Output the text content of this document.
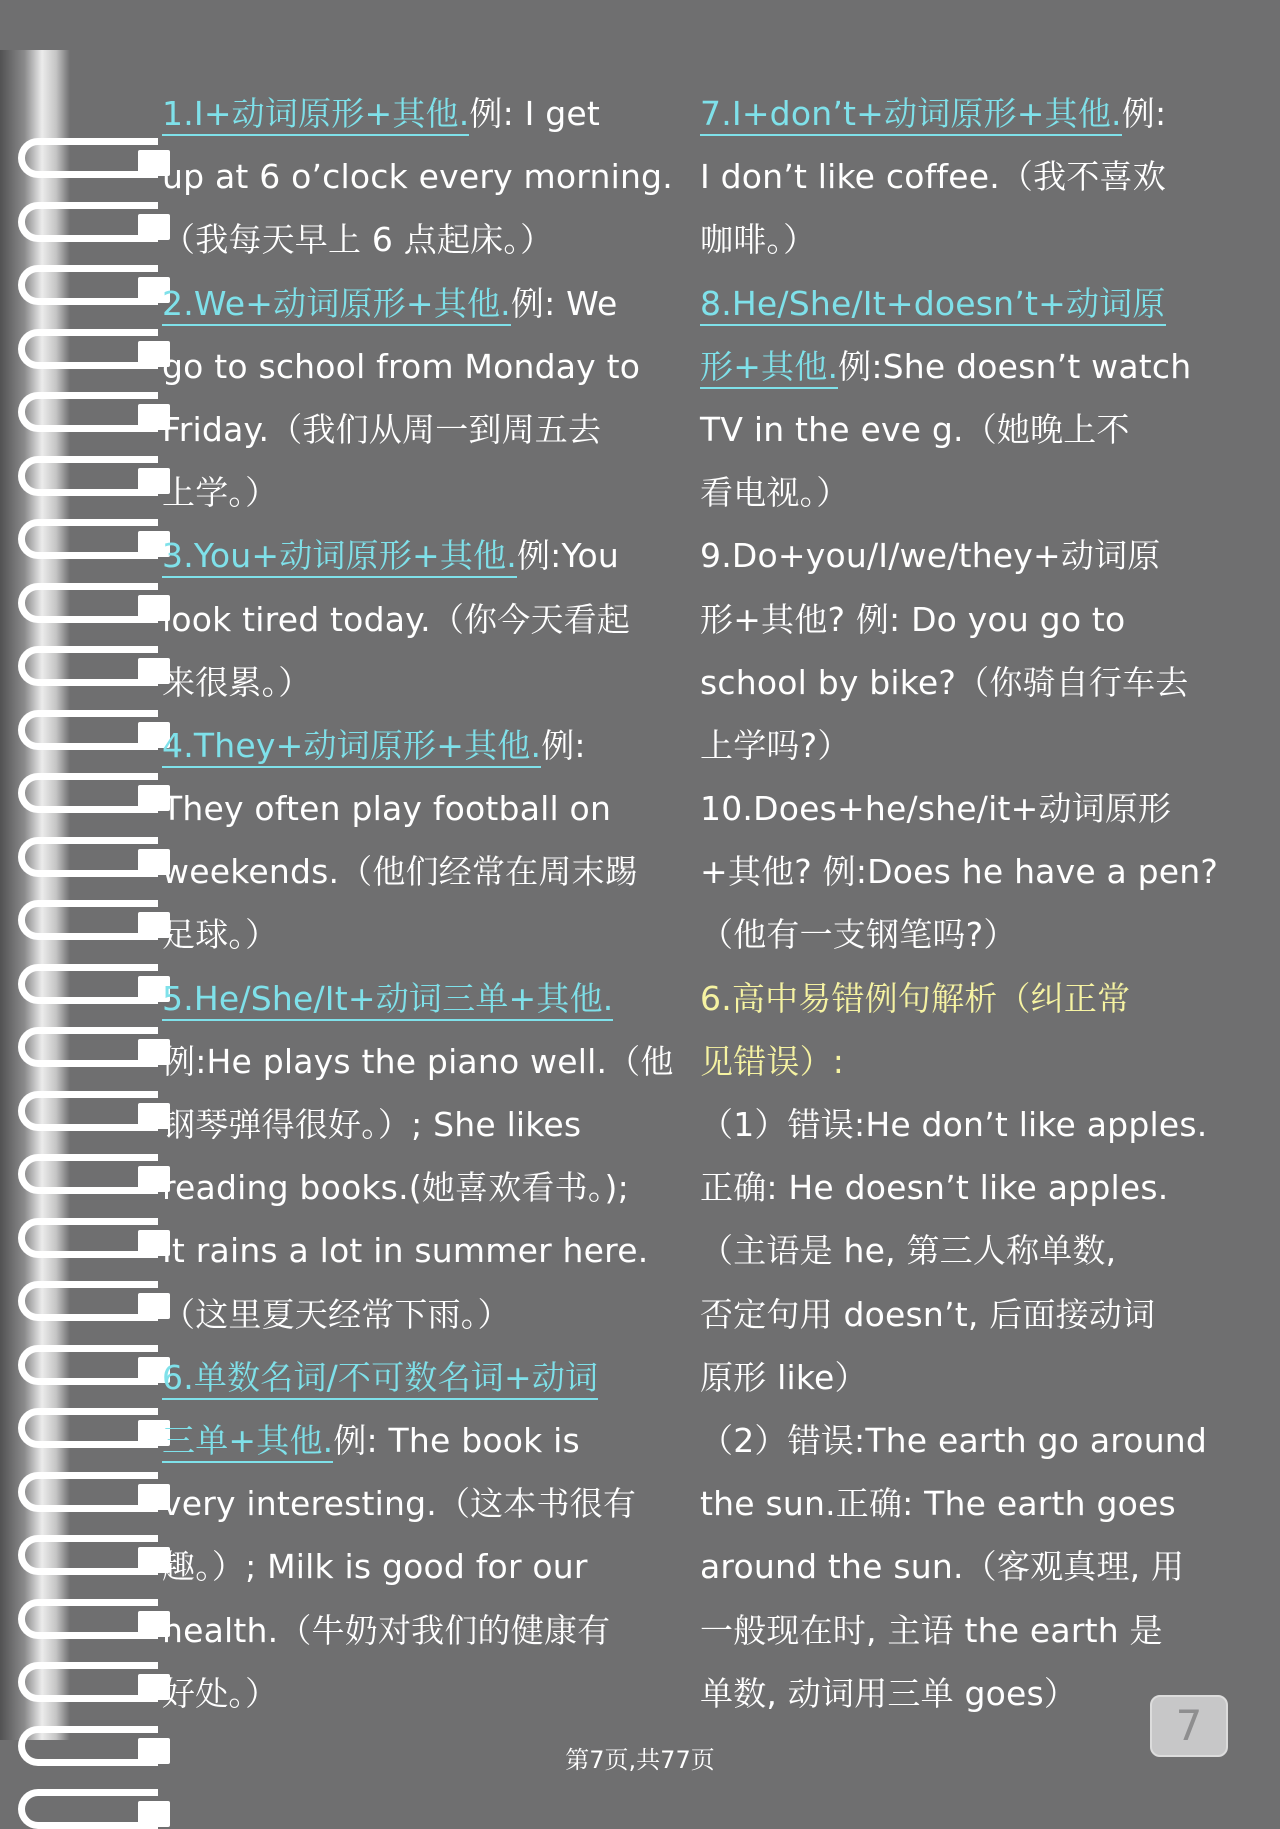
1.I+动词原形+其他.例: I get
up at 6 o’clock every morning.
（我每天早上 6 点起床。）
2.We+动词原形+其他.例: We
go to school from Monday to
Friday.（我们从周一到周五去
上学。）
3.You+动词原形+其他.例:You
look tired today.（你今天看起
来很累。）
4.They+动词原形+其他.例:
They often play football on
weekends.（他们经常在周末踢
足球。）
5.He/She/It+动词三单+其他.
例:He plays the piano well.（他
钢琴弹得很好。）; She likes
reading books.(她喜欢看书。);
It rains a lot in summer here.
（这里夏天经常下雨。）
6.单数名词/不可数名词+动词
三单+其他.例: The book is
very interesting.（这本书很有
趣。）; Milk is good for our
health.（牛奶对我们的健康有
好处。）
7.I+don’t+动词原形+其他.例:
I don’t like coffee.（我不喜欢
咖啡。）
8.He/She/It+doesn’t+动词原
形+其他.例:She doesn’t watch
TV in the eve g.（她晚上不
看电视。）
9.Do+you/I/we/they+动词原
形+其他? 例: Do you go to
school by bike?（你骑自行车去
上学吗?）
10.Does+he/she/it+动词原形
+其他? 例:Does he have a pen?
（他有一支钢笔吗?）
6.高中易错例句解析（纠正常
见错误）:
（1）错误:He don’t like apples.
正确: He doesn’t like apples.
（主语是 he, 第三人称单数,
否定句用 doesn’t, 后面接动词
原形 like）
（2）错误:The earth go around
the sun.正确: The earth goes
around the sun.（客观真理, 用
一般现在时, 主语 the earth 是
单数, 动词用三单 goes）
7
第7页,共77页
